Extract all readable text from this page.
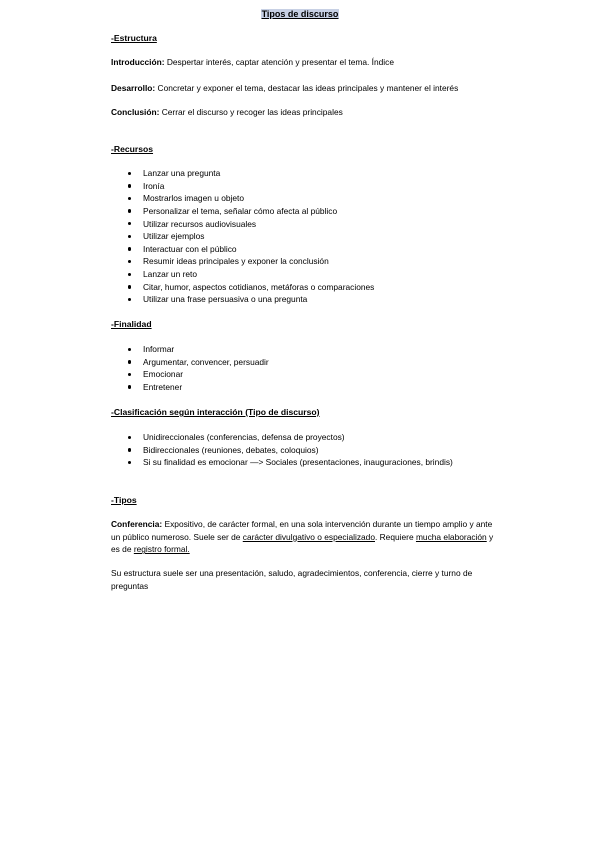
Tipos de discurso
-Estructura
Introducción: Despertar interés, captar atención y presentar el tema. Índice
Desarrollo: Concretar y exponer el tema, destacar las ideas principales y mantener el interés
Conclusión: Cerrar el discurso y recoger las ideas principales
-Recursos
Lanzar una pregunta
Ironía
Mostrarlos imagen u objeto
Personalizar el tema, señalar cómo afecta al público
Utilizar recursos audiovisuales
Utilizar ejemplos
Interactuar con el público
Resumir ideas principales y exponer la conclusión
Lanzar un reto
Citar, humor, aspectos cotidianos, metáforas o comparaciones
Utilizar una frase persuasiva o una pregunta
-Finalidad
Informar
Argumentar, convencer, persuadir
Emocionar
Entretener
-Clasificación según interacción (Tipo de discurso)
Unidireccionales (conferencias, defensa de proyectos)
Bidireccionales (reuniones, debates, coloquios)
Si su finalidad es emocionar —> Sociales (presentaciones, inauguraciones, brindis)
-Tipos
Conferencia: Expositivo, de carácter formal, en una sola intervención durante un tiempo amplio y ante un público numeroso. Suele ser de carácter divulgativo o especializado. Requiere mucha elaboración y es de registro formal.
Su estructura suele ser una presentación, saludo, agradecimientos, conferencia, cierre y turno de preguntas
